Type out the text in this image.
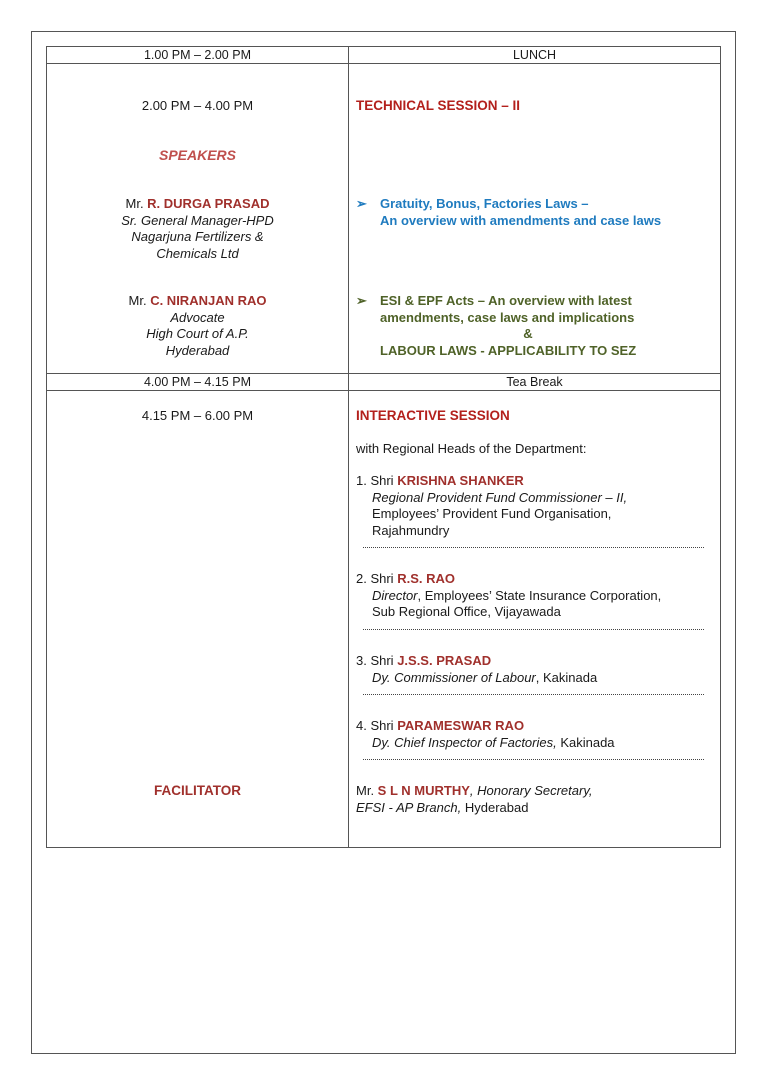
1.00 PM – 2.00 PM	LUNCH
2.00 PM – 4.00 PM
SPEAKERS
Mr. R. DURGA PRASAD
Sr. General Manager-HPD
Nagarjuna Fertilizers &
Chemicals Ltd
Mr. C. NIRANJAN RAO
Advocate
High Court of A.P.
Hyderabad
TECHNICAL SESSION – II
➢ Gratuity, Bonus, Factories Laws –
An overview with amendments and case laws
➢ ESI & EPF Acts – An overview with latest
amendments, case laws and implications
&
LABOUR LAWS - APPLICABILITY TO SEZ
4.00 PM – 4.15 PM	Tea Break
4.15 PM – 6.00 PM
FACILITATOR
INTERACTIVE SESSION
with Regional Heads of the Department:
1. Shri KRISHNA SHANKER
Regional Provident Fund Commissioner – II,
Employees’ Provident Fund Organisation,
Rajahmundry
2. Shri R.S. RAO
Director, Employees’ State Insurance Corporation,
Sub Regional Office, Vijayawada
3. Shri J.S.S. PRASAD
Dy. Commissioner of Labour, Kakinada
4. Shri PARAMESWAR RAO
Dy. Chief Inspector of Factories, Kakinada
Mr. S L N MURTHY, Honorary Secretary,
EFSI - AP Branch, Hyderabad
